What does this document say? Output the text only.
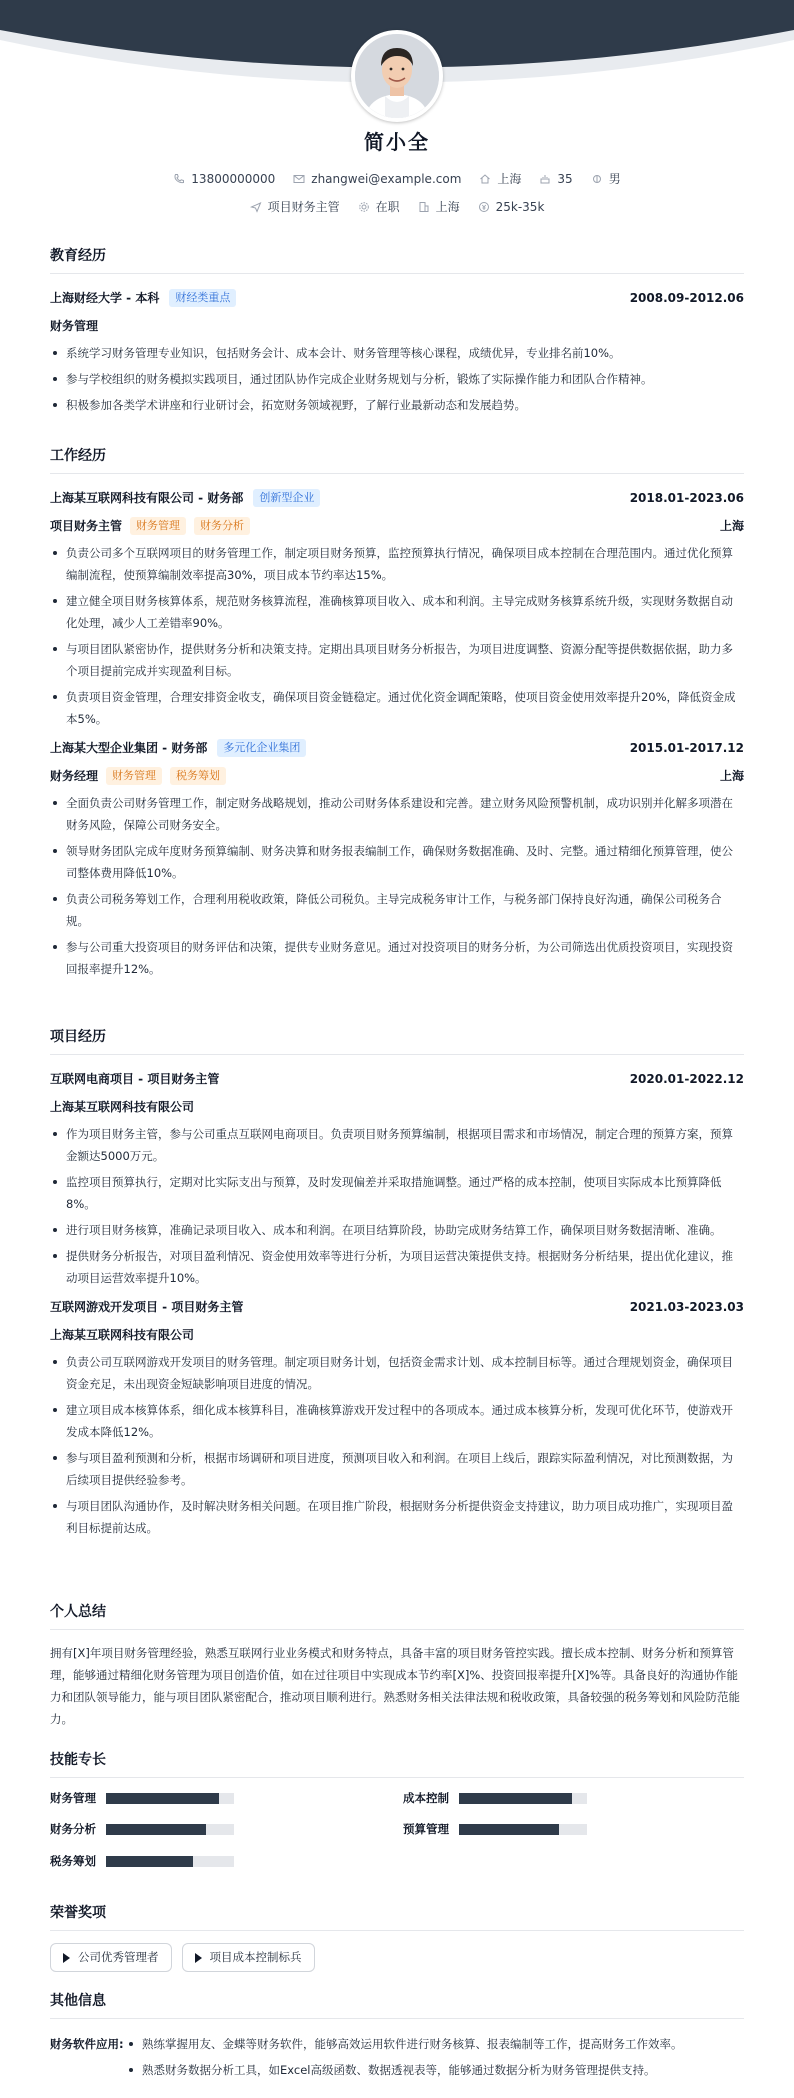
简小全
13800000000	zhangwei@example.com	上海	35	男
项目财务主管	在职	上海	25k-35k
教育经历
上海财经大学 - 本科	财经类重点	2008.09-2012.06
财务管理
系统学习财务管理专业知识，包括财务会计、成本会计、财务管理等核心课程，成绩优异，专业排名前10%。
参与学校组织的财务模拟实践项目，通过团队协作完成企业财务规划与分析，锻炼了实际操作能力和团队合作精神。
积极参加各类学术讲座和行业研讨会，拓宽财务领域视野，了解行业最新动态和发展趋势。
工作经历
上海某互联网科技有限公司 - 财务部	创新型企业	2018.01-2023.06
项目财务主管	财务管理	财务分析	上海
负责公司多个互联网项目的财务管理工作，制定项目财务预算，监控预算执行情况，确保项目成本控制在合理范围内。通过优化预算编制流程，使预算编制效率提高30%，项目成本节约率达15%。
建立健全项目财务核算体系，规范财务核算流程，准确核算项目收入、成本和利润。主导完成财务核算系统升级，实现财务数据自动化处理，减少人工差错率90%。
与项目团队紧密协作，提供财务分析和决策支持。定期出具项目财务分析报告，为项目进度调整、资源分配等提供数据依据，助力多个项目提前完成并实现盈利目标。
负责项目资金管理，合理安排资金收支，确保项目资金链稳定。通过优化资金调配策略，使项目资金使用效率提升20%，降低资金成本5%。
上海某大型企业集团 - 财务部	多元化企业集团	2015.01-2017.12
财务经理	财务管理	税务筹划	上海
全面负责公司财务管理工作，制定财务战略规划，推动公司财务体系建设和完善。建立财务风险预警机制，成功识别并化解多项潜在财务风险，保障公司财务安全。
领导财务团队完成年度财务预算编制、财务决算和财务报表编制工作，确保财务数据准确、及时、完整。通过精细化预算管理，使公司整体费用降低10%。
负责公司税务筹划工作，合理利用税收政策，降低公司税负。主导完成税务审计工作，与税务部门保持良好沟通，确保公司税务合规。
参与公司重大投资项目的财务评估和决策，提供专业财务意见。通过对投资项目的财务分析，为公司筛选出优质投资项目，实现投资回报率提升12%。
项目经历
互联网电商项目 - 项目财务主管	2020.01-2022.12
上海某互联网科技有限公司
作为项目财务主管，参与公司重点互联网电商项目。负责项目财务预算编制，根据项目需求和市场情况，制定合理的预算方案，预算金额达5000万元。
监控项目预算执行，定期对比实际支出与预算，及时发现偏差并采取措施调整。通过严格的成本控制，使项目实际成本比预算降低8%。
进行项目财务核算，准确记录项目收入、成本和利润。在项目结算阶段，协助完成财务结算工作，确保项目财务数据清晰、准确。
提供财务分析报告，对项目盈利情况、资金使用效率等进行分析，为项目运营决策提供支持。根据财务分析结果，提出优化建议，推动项目运营效率提升10%。
互联网游戏开发项目 - 项目财务主管	2021.03-2023.03
上海某互联网科技有限公司
负责公司互联网游戏开发项目的财务管理。制定项目财务计划，包括资金需求计划、成本控制目标等。通过合理规划资金，确保项目资金充足，未出现资金短缺影响项目进度的情况。
建立项目成本核算体系，细化成本核算科目，准确核算游戏开发过程中的各项成本。通过成本核算分析，发现可优化环节，使游戏开发成本降低12%。
参与项目盈利预测和分析，根据市场调研和项目进度，预测项目收入和利润。在项目上线后，跟踪实际盈利情况，对比预测数据，为后续项目提供经验参考。
与项目团队沟通协作，及时解决财务相关问题。在项目推广阶段，根据财务分析提供资金支持建议，助力项目成功推广，实现项目盈利目标提前达成。
个人总结
拥有[X]年项目财务管理经验，熟悉互联网行业业务模式和财务特点，具备丰富的项目财务管控实践。擅长成本控制、财务分析和预算管理，能够通过精细化财务管理为项目创造价值，如在过往项目中实现成本节约率[X]%、投资回报率提升[X]%等。具备良好的沟通协作能力和团队领导能力，能与项目团队紧密配合，推动项目顺利进行。熟悉财务相关法律法规和税收政策，具备较强的税务筹划和风险防范能力。
技能专长
财务管理	成本控制
财务分析	预算管理
税务筹划
荣誉奖项
公司优秀管理者	项目成本控制标兵
其他信息
财务软件应用:	熟练掌握用友、金蝶等财务软件，能够高效运用软件进行财务核算、报表编制等工作，提高财务工作效率。
熟悉财务数据分析工具，如Excel高级函数、数据透视表等，能够通过数据分析为财务管理提供支持。
